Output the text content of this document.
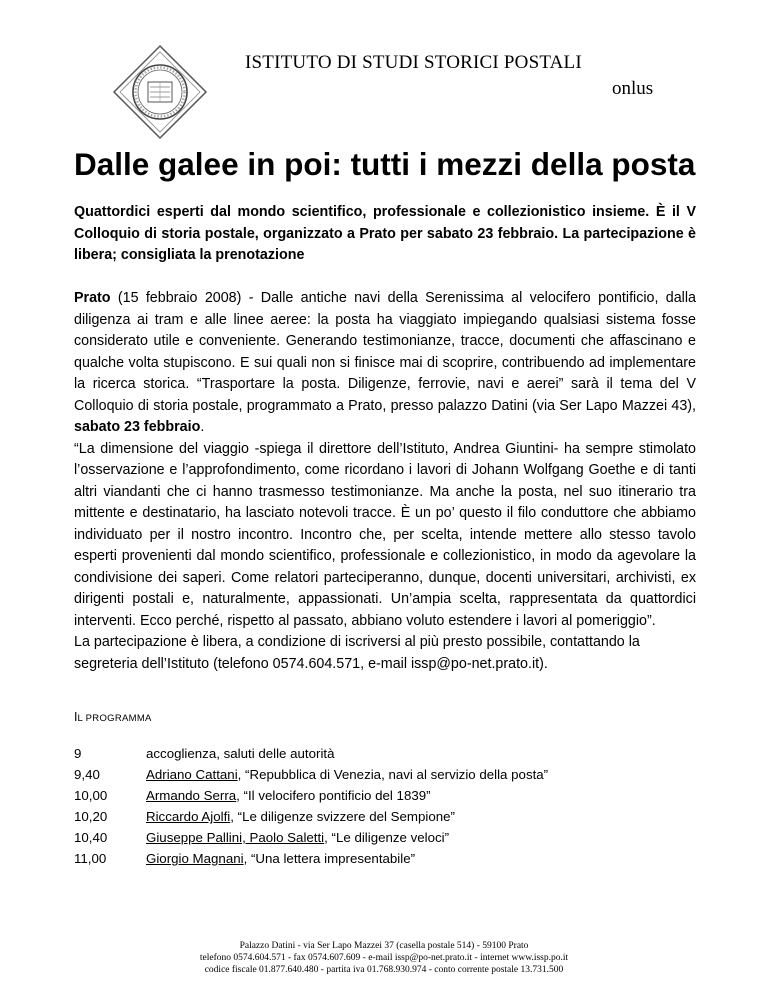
ISTITUTO DI STUDI STORICI POSTALI
onlus
Dalle galee in poi: tutti i mezzi della posta

Quattordici esperti dal mondo scientifico, professionale e collezionistico insieme. È il V Colloquio di storia postale, organizzato a Prato per sabato 23 febbraio. La partecipazione è libera; consigliata la prenotazione

Prato (15 febbraio 2008) - Dalle antiche navi della Serenissima al velocifero pontificio, dalla diligenza ai tram e alle linee aeree: la posta ha viaggiato impiegando qualsiasi sistema fosse considerato utile e conveniente. Generando testimonianze, tracce, documenti che affascinano e qualche volta stupiscono. E sui quali non si finisce mai di scoprire, contribuendo ad implementare la ricerca storica. “Trasportare la posta. Diligenze, ferrovie, navi e aerei” sarà il tema del V Colloquio di storia postale, programmato a Prato, presso palazzo Datini (via Ser Lapo Mazzei 43), sabato 23 febbraio.

“La dimensione del viaggio -spiega il direttore dell’Istituto, Andrea Giuntini- ha sempre stimolato l’osservazione e l’approfondimento, come ricordano i lavori di Johann Wolfgang Goethe e di tanti altri viandanti che ci hanno trasmesso testimonianze. Ma anche la posta, nel suo itinerario tra mittente e destinatario, ha lasciato notevoli tracce. È un po’ questo il filo conduttore che abbiamo individuato per il nostro incontro. Incontro che, per scelta, intende mettere allo stesso tavolo esperti provenienti dal mondo scientifico, professionale e collezionistico, in modo da agevolare la condivisione dei saperi. Come relatori parteciperanno, dunque, docenti universitari, archivisti, ex dirigenti postali e, naturalmente, appassionati. Un’ampia scelta, rappresentata da quattordici interventi. Ecco perché, rispetto al passato, abbiano voluto estendere i lavori al pomeriggio”.

La partecipazione è libera, a condizione di iscriversi al più presto possibile, contattando la segreteria dell’Istituto (telefono 0574.604.571, e-mail issp@po-net.prato.it).

IL PROGRAMMA
9	accoglienza, saluti delle autorità
9,40	Adriano Cattani, “Repubblica di Venezia, navi al servizio della posta”
10,00	Armando Serra, “Il velocifero pontificio del 1839”
10,20	Riccardo Ajolfi, “Le diligenze svizzere del Sempione”
10,40	Giuseppe Pallini, Paolo Saletti, “Le diligenze veloci”
11,00	Giorgio Magnani, “Una lettera impresentabile”
Palazzo Datini - via Ser Lapo Mazzei 37 (casella postale 514) - 59100 Prato
telefono 0574.604.571 - fax 0574.607.609 - e-mail issp@po-net.prato.it - internet www.issp.po.it
codice fiscale 01.877.640.480 - partita iva 01.768.930.974 - conto corrente postale 13.731.500
